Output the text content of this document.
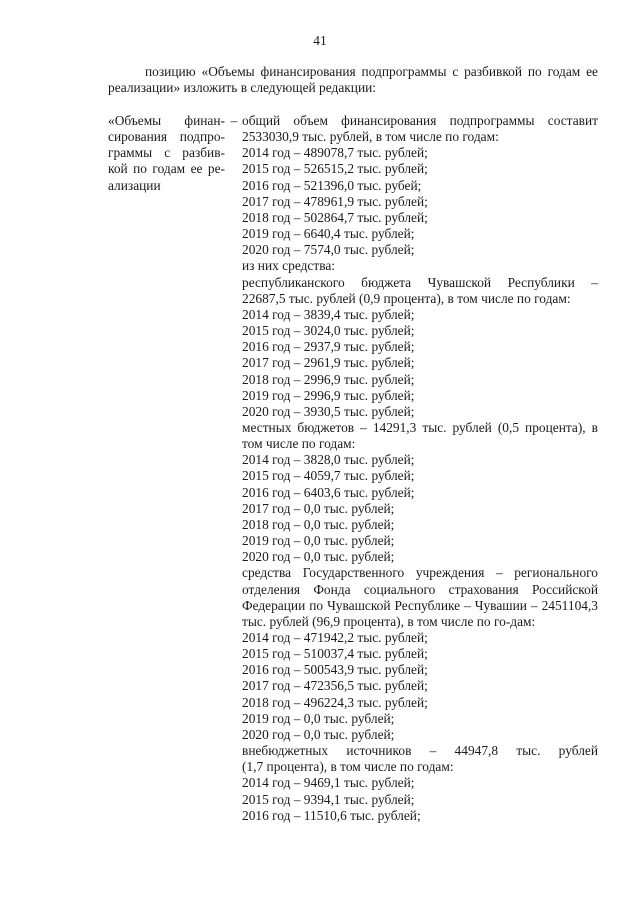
41
позицию «Объемы финансирования подпрограммы с разбивкой по годам ее реализации» изложить в следующей редакции:
«Объемы финан-сирования подпро-граммы с разбив-кой по годам ее ре-ализации
– общий объем финансирования подпрограммы составит
2533030,9 тыс. рублей, в том числе по годам:
2014 год – 489078,7 тыс. рублей;
2015 год – 526515,2 тыс. рублей;
2016 год – 521396,0 тыс. рубей;
2017 год – 478961,9 тыс. рублей;
2018 год – 502864,7 тыс. рублей;
2019 год – 6640,4 тыс. рублей;
2020 год – 7574,0 тыс. рублей;
из них средства:
республиканского бюджета Чувашской Республики –
22687,5 тыс. рублей (0,9 процента), в том числе по годам:
2014 год – 3839,4 тыс. рублей;
2015 год – 3024,0 тыс. рублей;
2016 год – 2937,9 тыс. рублей;
2017 год – 2961,9 тыс. рублей;
2018 год – 2996,9 тыс. рублей;
2019 год – 2996,9 тыс. рублей;
2020 год – 3930,5 тыс. рублей;
местных бюджетов – 14291,3 тыс. рублей (0,5 процента), в том числе по годам:
2014 год – 3828,0 тыс. рублей;
2015 год – 4059,7 тыс. рублей;
2016 год – 6403,6 тыс. рублей;
2017 год – 0,0 тыс. рублей;
2018 год – 0,0 тыс. рублей;
2019 год – 0,0 тыс. рублей;
2020 год – 0,0 тыс. рублей;
средства Государственного учреждения – регионального отделения Фонда социального страхования Российской Федерации по Чувашской Республике – Чувашии – 2451104,3 тыс. рублей (96,9 процента), в том числе по го-дам:
2014 год – 471942,2 тыс. рублей;
2015 год – 510037,4 тыс. рублей;
2016 год – 500543,9 тыс. рублей;
2017 год – 472356,5 тыс. рублей;
2018 год – 496224,3 тыс. рублей;
2019 год – 0,0 тыс. рублей;
2020 год – 0,0 тыс. рублей;
внебюджетных источников – 44947,8 тыс. рублей
(1,7 процента), в том числе по годам:
2014 год – 9469,1 тыс. рублей;
2015 год – 9394,1 тыс. рублей;
2016 год – 11510,6 тыс. рублей;
